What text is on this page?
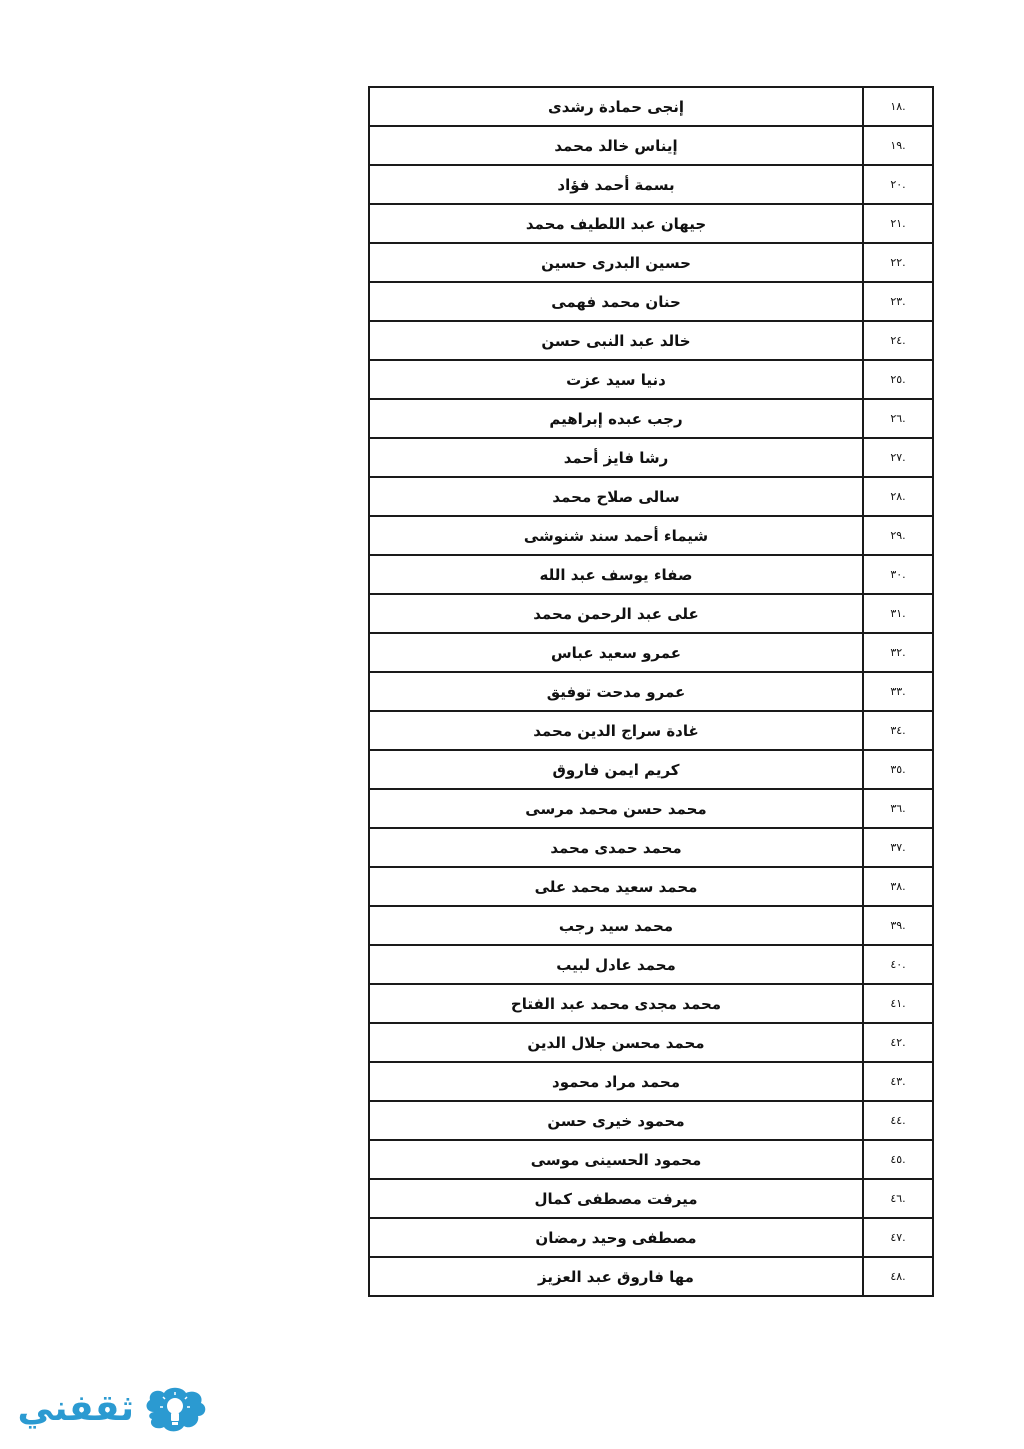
.١٨	إنجى حمادة رشدى
.١٩	إيناس خالد محمد
.٢٠	بسمة أحمد فؤاد
.٢١	جيهان عبد اللطيف محمد
.٢٢	حسين البدرى حسين
.٢٣	حنان محمد فهمى
.٢٤	خالد عبد النبى حسن
.٢٥	دنيا سيد عزت
.٢٦	رجب عبده إبراهيم
.٢٧	رشا فايز أحمد
.٢٨	سالى صلاح محمد
.٢٩	شيماء أحمد سند شنوشى
.٣٠	صفاء يوسف عبد الله
.٣١	على عبد الرحمن محمد
.٣٢	عمرو سعيد عباس
.٣٣	عمرو مدحت توفيق
.٣٤	غادة سراج الدين محمد
.٣٥	كريم ايمن فاروق
.٣٦	محمد حسن محمد مرسى
.٣٧	محمد حمدى محمد
.٣٨	محمد سعيد محمد على
.٣٩	محمد سيد رجب
.٤٠	محمد عادل لبيب
.٤١	محمد مجدى محمد عبد الفتاح
.٤٢	محمد محسن جلال الدين
.٤٣	محمد مراد محمود
.٤٤	محمود خيرى حسن
.٤٥	محمود الحسينى موسى
.٤٦	ميرفت مصطفى كمال
.٤٧	مصطفى وحيد رمضان
.٤٨	مها فاروق عبد العزيز
ثقفني
